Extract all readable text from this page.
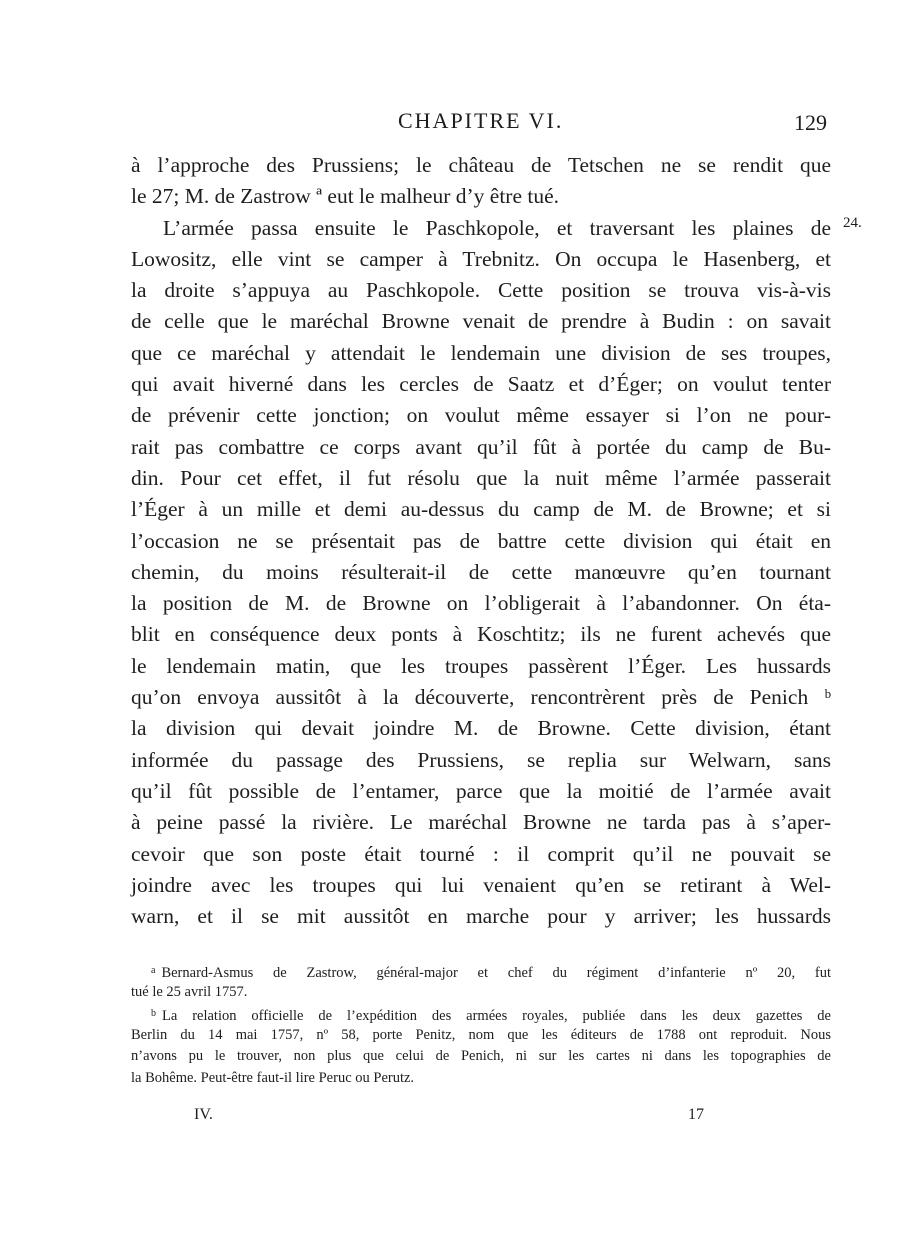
CHAPITRE VI.	129
24.
à l’approche des Prussiens; le château de Tetschen ne se rendit que
le 27; M. de Zastrow ª eut le malheur d’y être tué.
L’armée passa ensuite le Paschkopole, et traversant les plaines de
Lowositz, elle vint se camper à Trebnitz. On occupa le Hasenberg, et
la droite s’appuya au Paschkopole. Cette position se trouva vis-à-vis
de celle que le maréchal Browne venait de prendre à Budin : on savait
que ce maréchal y attendait le lendemain une division de ses troupes,
qui avait hiverné dans les cercles de Saatz et d’Éger; on voulut tenter
de prévenir cette jonction; on voulut même essayer si l’on ne pour-
rait pas combattre ce corps avant qu’il fût à portée du camp de Bu-
din. Pour cet effet, il fut résolu que la nuit même l’armée passerait
l’Éger à un mille et demi au-dessus du camp de M. de Browne; et si
l’occasion ne se présentait pas de battre cette division qui était en
chemin, du moins résulterait-il de cette manœuvre qu’en tournant
la position de M. de Browne on l’obligerait à l’abandonner. On éta-
blit en conséquence deux ponts à Koschtitz; ils ne furent achevés que
le lendemain matin, que les troupes passèrent l’Éger. Les hussards
qu’on envoya aussitôt à la découverte, rencontrèrent près de Penich ᵇ
la division qui devait joindre M. de Browne. Cette division, étant
informée du passage des Prussiens, se replia sur Welwarn, sans
qu’il fût possible de l’entamer, parce que la moitié de l’armée avait
à peine passé la rivière. Le maréchal Browne ne tarda pas à s’aper-
cevoir que son poste était tourné : il comprit qu’il ne pouvait se
joindre avec les troupes qui lui venaient qu’en se retirant à Wel-
warn, et il se mit aussitôt en marche pour y arriver; les hussards
$^a$ Bernard-Asmus de Zastrow, général-major et chef du régiment d’infanterie nº 20, fut
tué le 25 avril 1757.
$^b$ La relation officielle de l’expédition des armées royales, publiée dans les deux gazettes de
Berlin du 14 mai 1757, nº 58, porte Penitz, nom que les éditeurs de 1788 ont reproduit. Nous
n’avons pu le trouver, non plus que celui de Penich, ni sur les cartes ni dans les topographies de
la Bohême. Peut-être faut-il lire Peruc ou Perutz.
IV.	17
